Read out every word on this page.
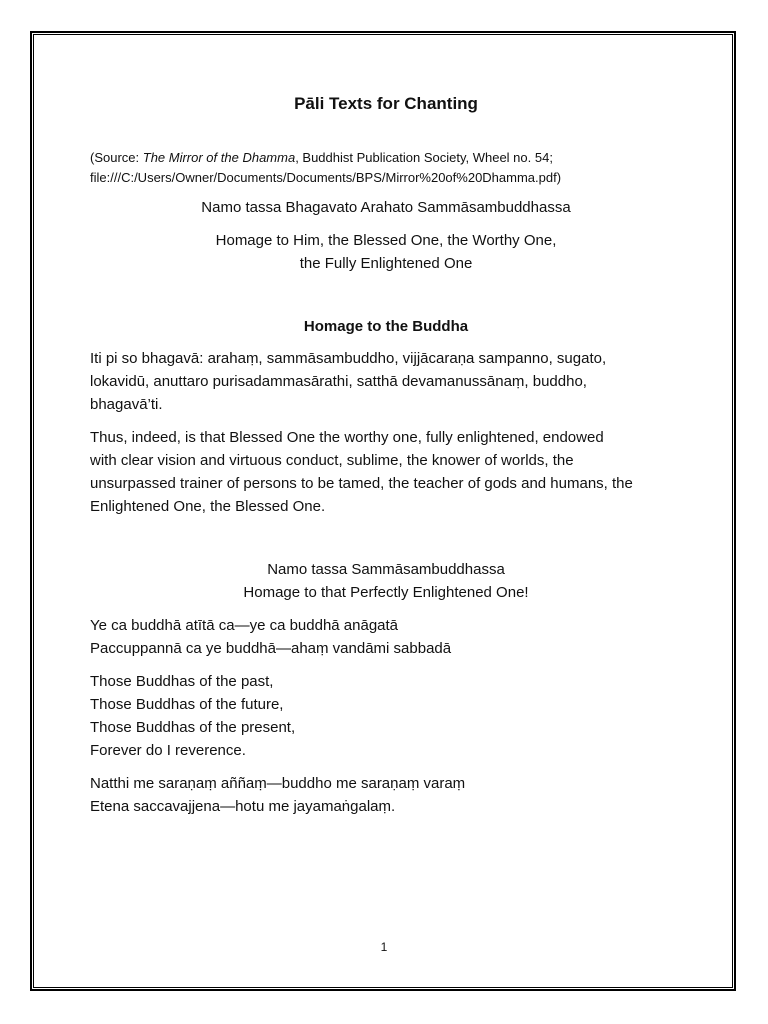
Pāli Texts for Chanting
(Source: The Mirror of the Dhamma, Buddhist Publication Society, Wheel no. 54;
file:///C:/Users/Owner/Documents/Documents/BPS/Mirror%20of%20Dhamma.pdf)
Namo tassa Bhagavato Arahato Sammāsambuddhassa
Homage to Him, the Blessed One, the Worthy One,
the Fully Enlightened One
Homage to the Buddha
Iti pi so bhagavā: arahaṃ, sammāsambuddho, vijjācaraṇa sampanno, sugato,
lokavidū, anuttaro purisadammasārathi, satthā devamanussānaṃ, buddho,
bhagavā’ti.
Thus, indeed, is that Blessed One the worthy one, fully enlightened, endowed
with clear vision and virtuous conduct, sublime, the knower of worlds, the
unsurpassed trainer of persons to be tamed, the teacher of gods and humans, the
Enlightened One, the Blessed One.
Namo tassa Sammāsambuddhassa
Homage to that Perfectly Enlightened One!
Ye ca buddhā atītā ca—ye ca buddhā anāgatā
Paccuppannā ca ye buddhā—ahaṃ vandāmi sabbadā
Those Buddhas of the past,
Those Buddhas of the future,
Those Buddhas of the present,
Forever do I reverence.
Natthi me saraṇaṃ aññaṃ—buddho me saraṇaṃ varaṃ
Etena saccavajjena—hotu me jayamaṅgalaṃ.
1
